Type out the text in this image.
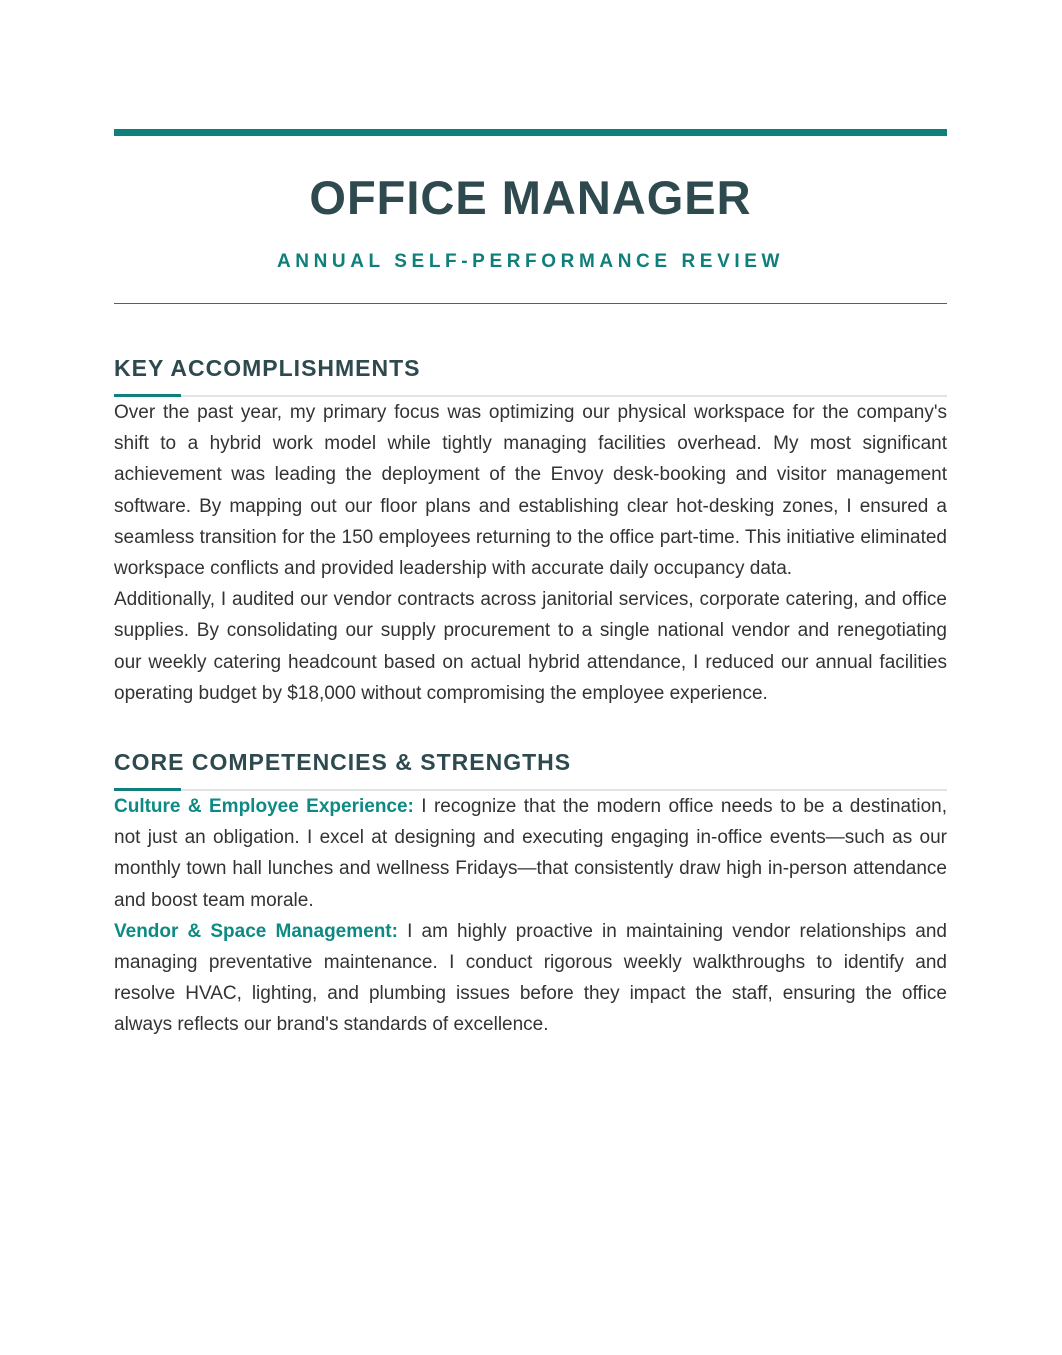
OFFICE MANAGER
ANNUAL SELF-PERFORMANCE REVIEW
KEY ACCOMPLISHMENTS

Over the past year, my primary focus was optimizing our physical workspace for the company's shift to a hybrid work model while tightly managing facilities overhead. My most significant achievement was leading the deployment of the Envoy desk-booking and visitor management software. By mapping out our floor plans and establishing clear hot-desking zones, I ensured a seamless transition for the 150 employees returning to the office part-time. This initiative eliminated workspace conflicts and provided leadership with accurate daily occupancy data.

Additionally, I audited our vendor contracts across janitorial services, corporate catering, and office supplies. By consolidating our supply procurement to a single national vendor and renegotiating our weekly catering headcount based on actual hybrid attendance, I reduced our annual facilities operating budget by $18,000 without compromising the employee experience.

CORE COMPETENCIES & STRENGTHS

Culture & Employee Experience: I recognize that the modern office needs to be a destination, not just an obligation. I excel at designing and executing engaging in-office events—such as our monthly town hall lunches and wellness Fridays—that consistently draw high in-person attendance and boost team morale.

Vendor & Space Management: I am highly proactive in maintaining vendor relationships and managing preventative maintenance. I conduct rigorous weekly walkthroughs to identify and resolve HVAC, lighting, and plumbing issues before they impact the staff, ensuring the office always reflects our brand's standards of excellence.
